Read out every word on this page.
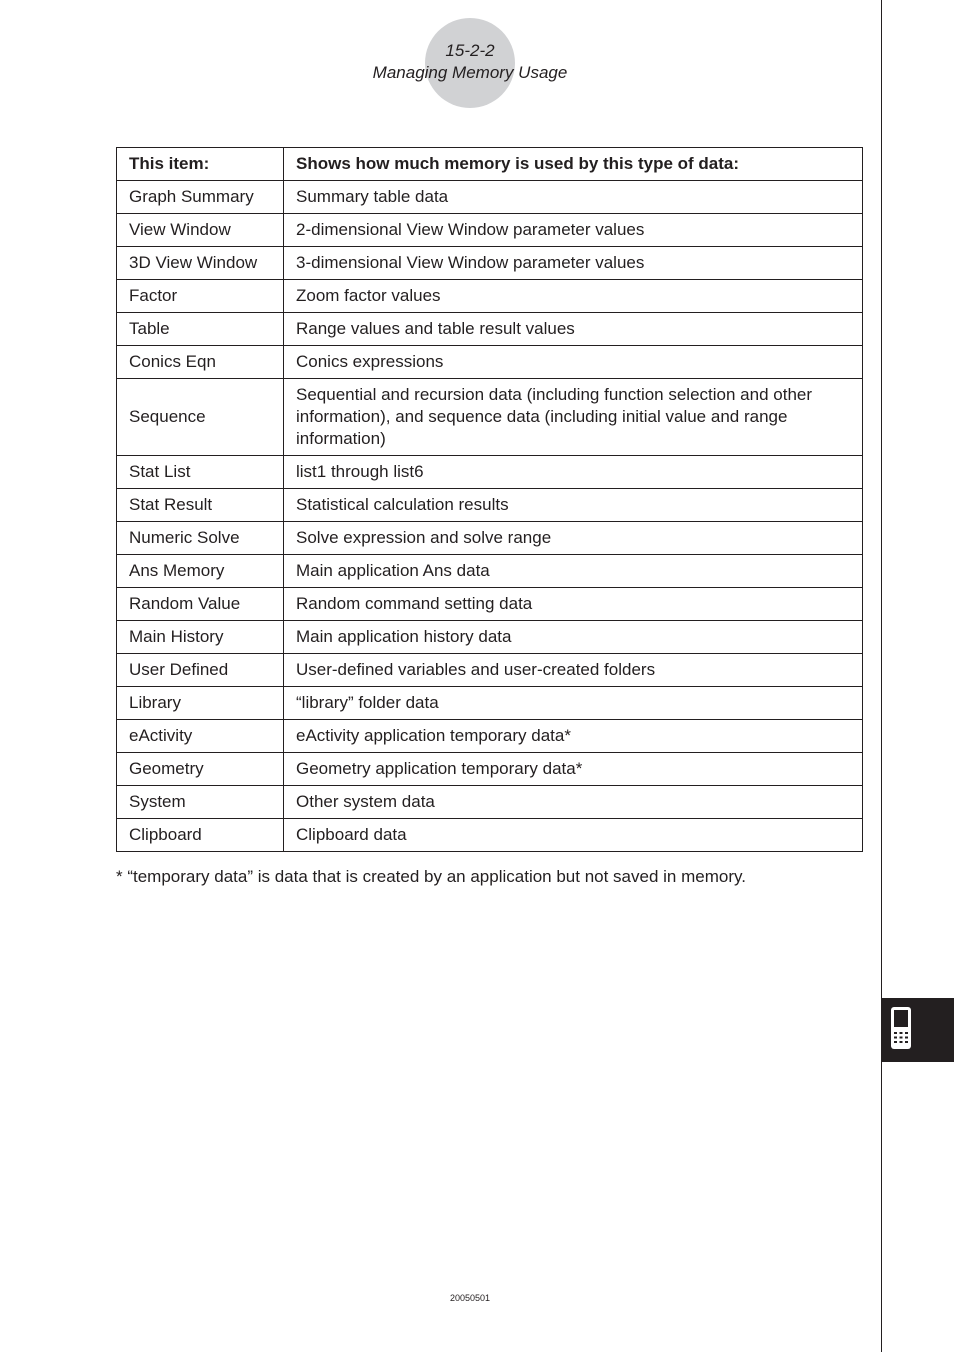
15-2-2
Managing Memory Usage
This item:	Shows how much memory is used by this type of data:
Graph Summary	Summary table data
View Window	2-dimensional View Window parameter values
3D View Window	3-dimensional View Window parameter values
Factor	Zoom factor values
Table	Range values and table result values
Conics Eqn	Conics expressions
Sequence	Sequential and recursion data (including function selection and other information), and sequence data (including initial value and range information)
Stat List	list1 through list6
Stat Result	Statistical calculation results
Numeric Solve	Solve expression and solve range
Ans Memory	Main application Ans data
Random Value	Random command setting data
Main History	Main application history data
User Defined	User-defined variables and user-created folders
Library	“library” folder data
eActivity	eActivity application temporary data*
Geometry	Geometry application temporary data*
System	Other system data
Clipboard	Clipboard data
* “temporary data” is data that is created by an application but not saved in memory.
20050501
